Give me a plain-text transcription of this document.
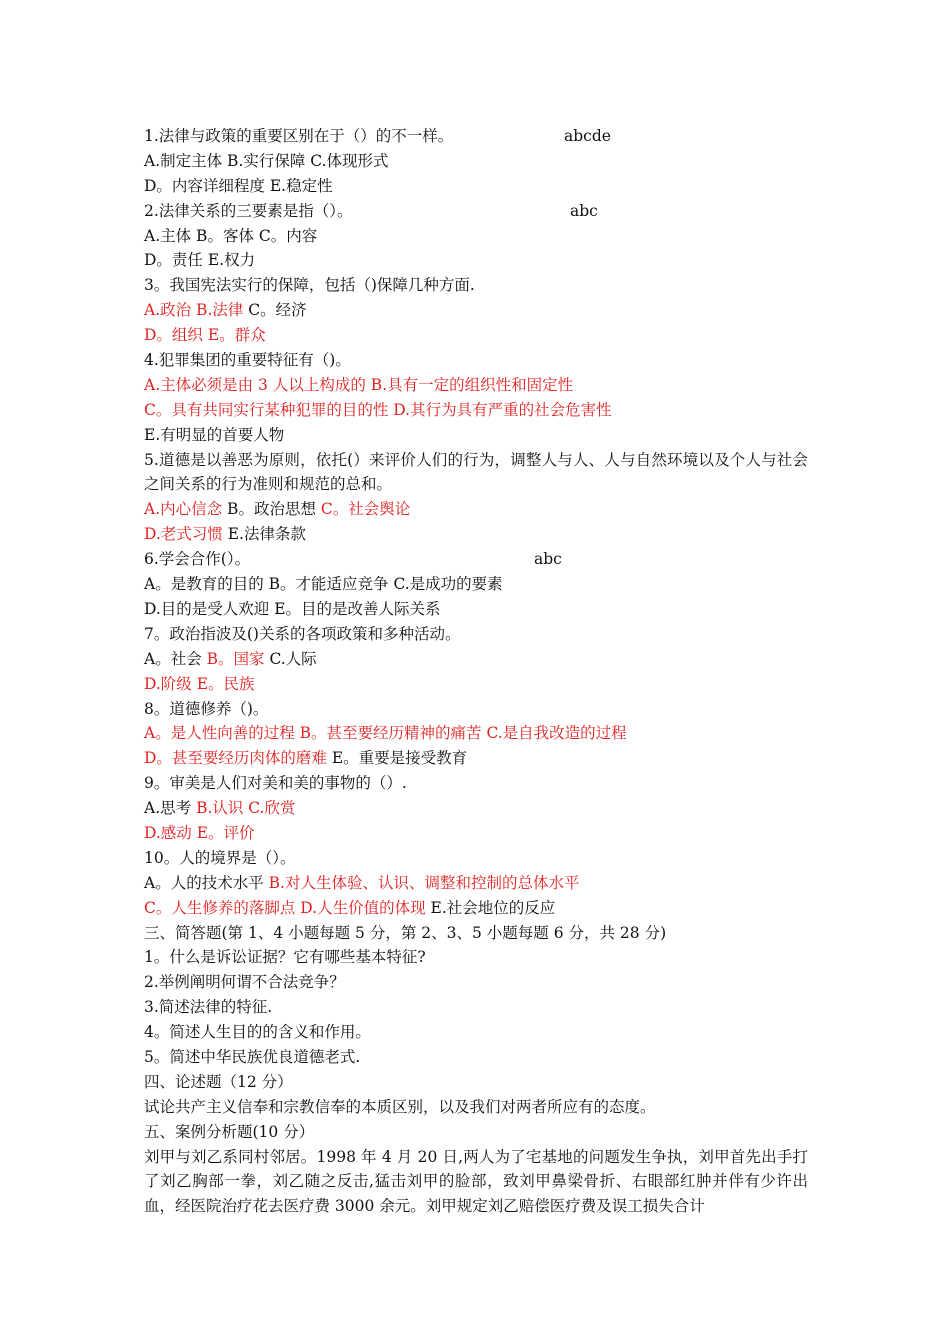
1.法律与政策的重要区别在于（）的不一样。	abcde
A.制定主体 B.实行保障 C.体现形式
D。内容详细程度 E.稳定性
2.法律关系的三要素是指（）。	abc
A.主体 B。客体 C。内容
D。责任 E.权力
3。我国宪法实行的保障，包括（)保障几种方面.
A.政治 B.法律 C。经济
D。组织 E。群众
4.犯罪集团的重要特征有（)。
A.主体必须是由 3 人以上构成的 B.具有一定的组织性和固定性
C。具有共同实行某种犯罪的目的性 D.其行为具有严重的社会危害性
E.有明显的首要人物
5.道德是以善恶为原则，依托(）来评价人们的行为，调整人与人、人与自然环境以及个人与社会之间关系的行为准则和规范的总和。
A.内心信念 B。政治思想 C。社会舆论
D.老式习惯 E.法律条款
6.学会合作(）。	abc
A。是教育的目的 B。才能适应竞争 C.是成功的要素
D.目的是受人欢迎 E。目的是改善人际关系
7。政治指波及()关系的各项政策和多种活动。
A。社会 B。国家 C.人际
D.阶级 E。民族
8。道德修养（)。
A。是人性向善的过程 B。甚至要经历精神的痛苦 C.是自我改造的过程
D。甚至要经历肉体的磨难 E。重要是接受教育
9。审美是人们对美和美的事物的（）.
A.思考 B.认识 C.欣赏
D.感动 E。评价
10。人的境界是（）。
A。人的技术水平 B.对人生体验、认识、调整和控制的总体水平
C。人生修养的落脚点 D.人生价值的体现 E.社会地位的反应
三、简答题(第 1、4 小题每题 5 分，第 2、3、5 小题每题 6 分，共 28 分)
1。什么是诉讼证据？它有哪些基本特征?
2.举例阐明何谓不合法竞争？
3.简述法律的特征.
4。简述人生目的的含义和作用。
5。简述中华民族优良道德老式.
四、论述题（12 分）
试论共产主义信奉和宗教信奉的本质区别，以及我们对两者所应有的态度。
五、案例分析题(10 分）
刘甲与刘乙系同村邻居。1998 年 4 月 20 日,两人为了宅基地的问题发生争执，刘甲首先出手打了刘乙胸部一拳，刘乙随之反击,猛击刘甲的脸部，致刘甲鼻梁骨折、右眼部红肿并伴有少许出血，经医院治疗花去医疗费 3000 余元。刘甲规定刘乙赔偿医疗费及误工损失合计
